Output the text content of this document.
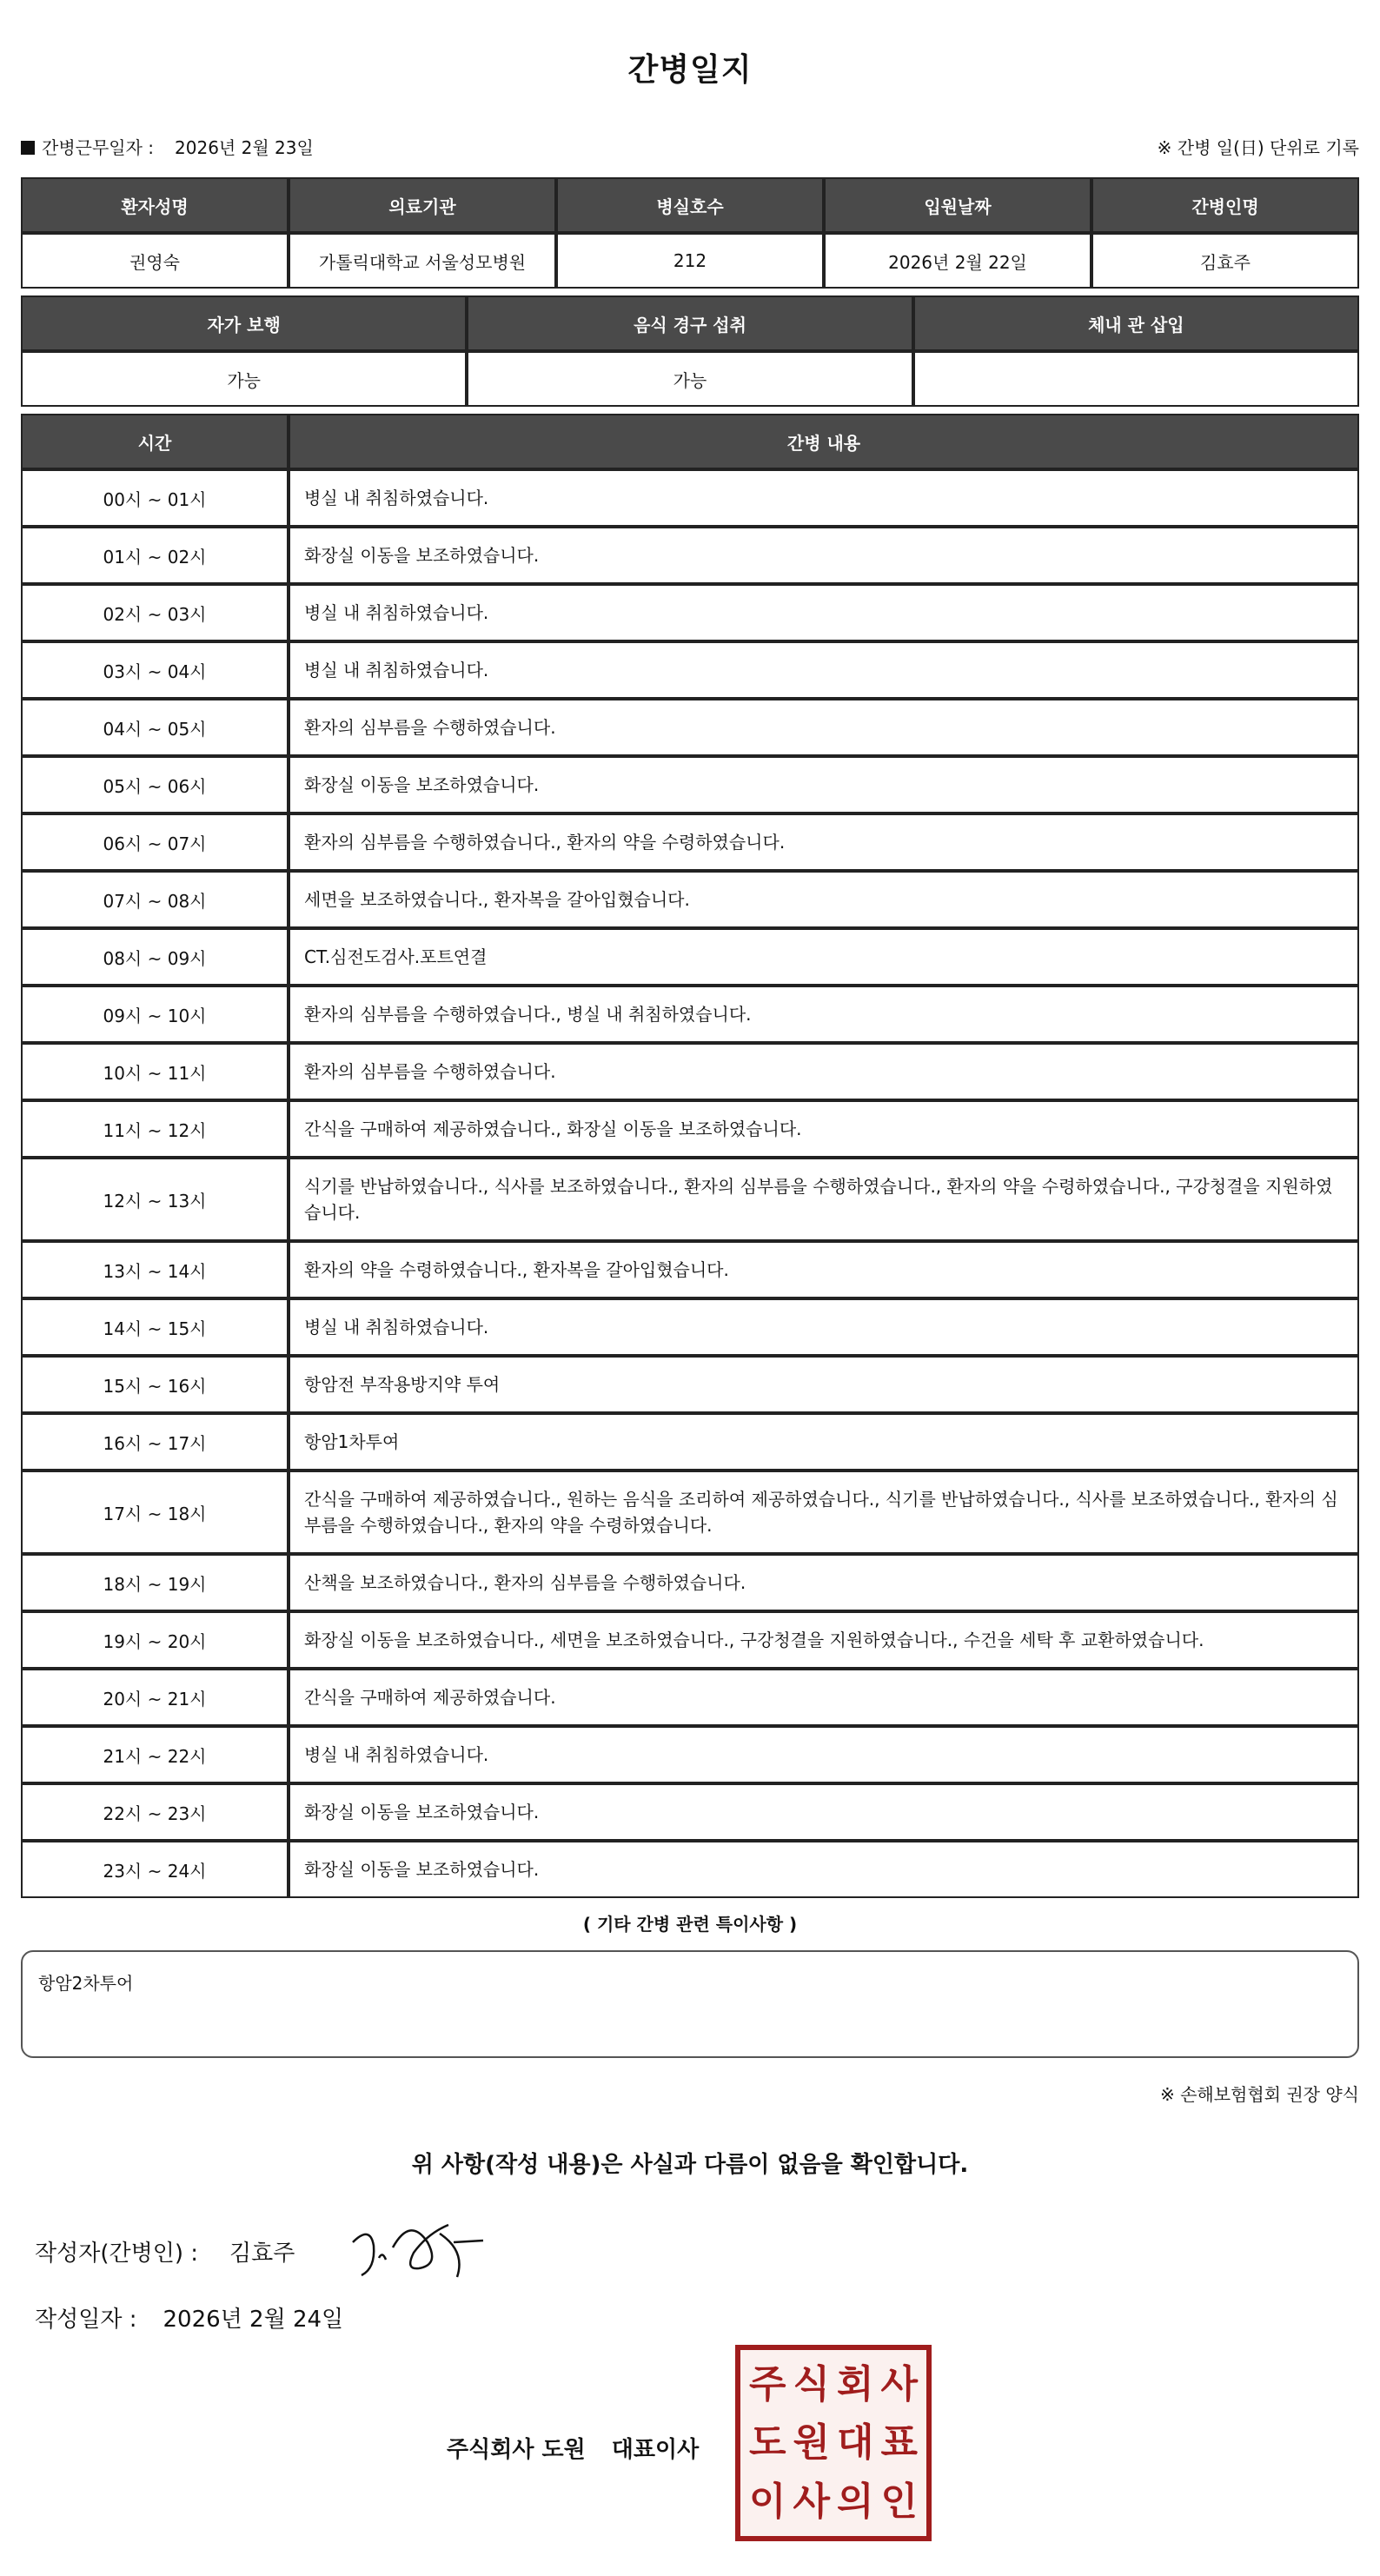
간병일지
간병근무일자 : 2026년 2월 23일	※ 간병 일(日) 단위로 기록
환자성명	의료기관	병실호수	입원날짜	간병인명
권영숙	가톨릭대학교 서울성모병원	212	2026년 2월 22일	김효주
자가 보행	음식 경구 섭취	체내 관 삽입
가능	가능	
시간	간병 내용
00시 ~ 01시	병실 내 취침하였습니다.
01시 ~ 02시	화장실 이동을 보조하였습니다.
02시 ~ 03시	병실 내 취침하였습니다.
03시 ~ 04시	병실 내 취침하였습니다.
04시 ~ 05시	환자의 심부름을 수행하였습니다.
05시 ~ 06시	화장실 이동을 보조하였습니다.
06시 ~ 07시	환자의 심부름을 수행하였습니다., 환자의 약을 수령하였습니다.
07시 ~ 08시	세면을 보조하였습니다., 환자복을 갈아입혔습니다.
08시 ~ 09시	CT.심전도검사.포트연결
09시 ~ 10시	환자의 심부름을 수행하였습니다., 병실 내 취침하였습니다.
10시 ~ 11시	환자의 심부름을 수행하였습니다.
11시 ~ 12시	간식을 구매하여 제공하였습니다., 화장실 이동을 보조하였습니다.
12시 ~ 13시	식기를 반납하였습니다., 식사를 보조하였습니다., 환자의 심부름을 수행하였습니다., 환자의 약을 수령하였습니다., 구강청결을 지원하였습니다.
13시 ~ 14시	환자의 약을 수령하였습니다., 환자복을 갈아입혔습니다.
14시 ~ 15시	병실 내 취침하였습니다.
15시 ~ 16시	항암전 부작용방지약 투여
16시 ~ 17시	항암1차투여
17시 ~ 18시	간식을 구매하여 제공하였습니다., 원하는 음식을 조리하여 제공하였습니다., 식기를 반납하였습니다., 식사를 보조하였습니다., 환자의 심부름을 수행하였습니다., 환자의 약을 수령하였습니다.
18시 ~ 19시	산책을 보조하였습니다., 환자의 심부름을 수행하였습니다.
19시 ~ 20시	화장실 이동을 보조하였습니다., 세면을 보조하였습니다., 구강청결을 지원하였습니다., 수건을 세탁 후 교환하였습니다.
20시 ~ 21시	간식을 구매하여 제공하였습니다.
21시 ~ 22시	병실 내 취침하였습니다.
22시 ~ 23시	화장실 이동을 보조하였습니다.
23시 ~ 24시	화장실 이동을 보조하였습니다.
( 기타 간병 관련 특이사항 )
항암2차투어
※ 손해보험협회 권장 양식
위 사항(작성 내용)은 사실과 다름이 없음을 확인합니다.
작성자(간병인) : 김효주
작성일자 : 2026년 2월 24일
주식회사 도원 대표이사
주 식 회 사
도 원 대 표
이 사 의 인
